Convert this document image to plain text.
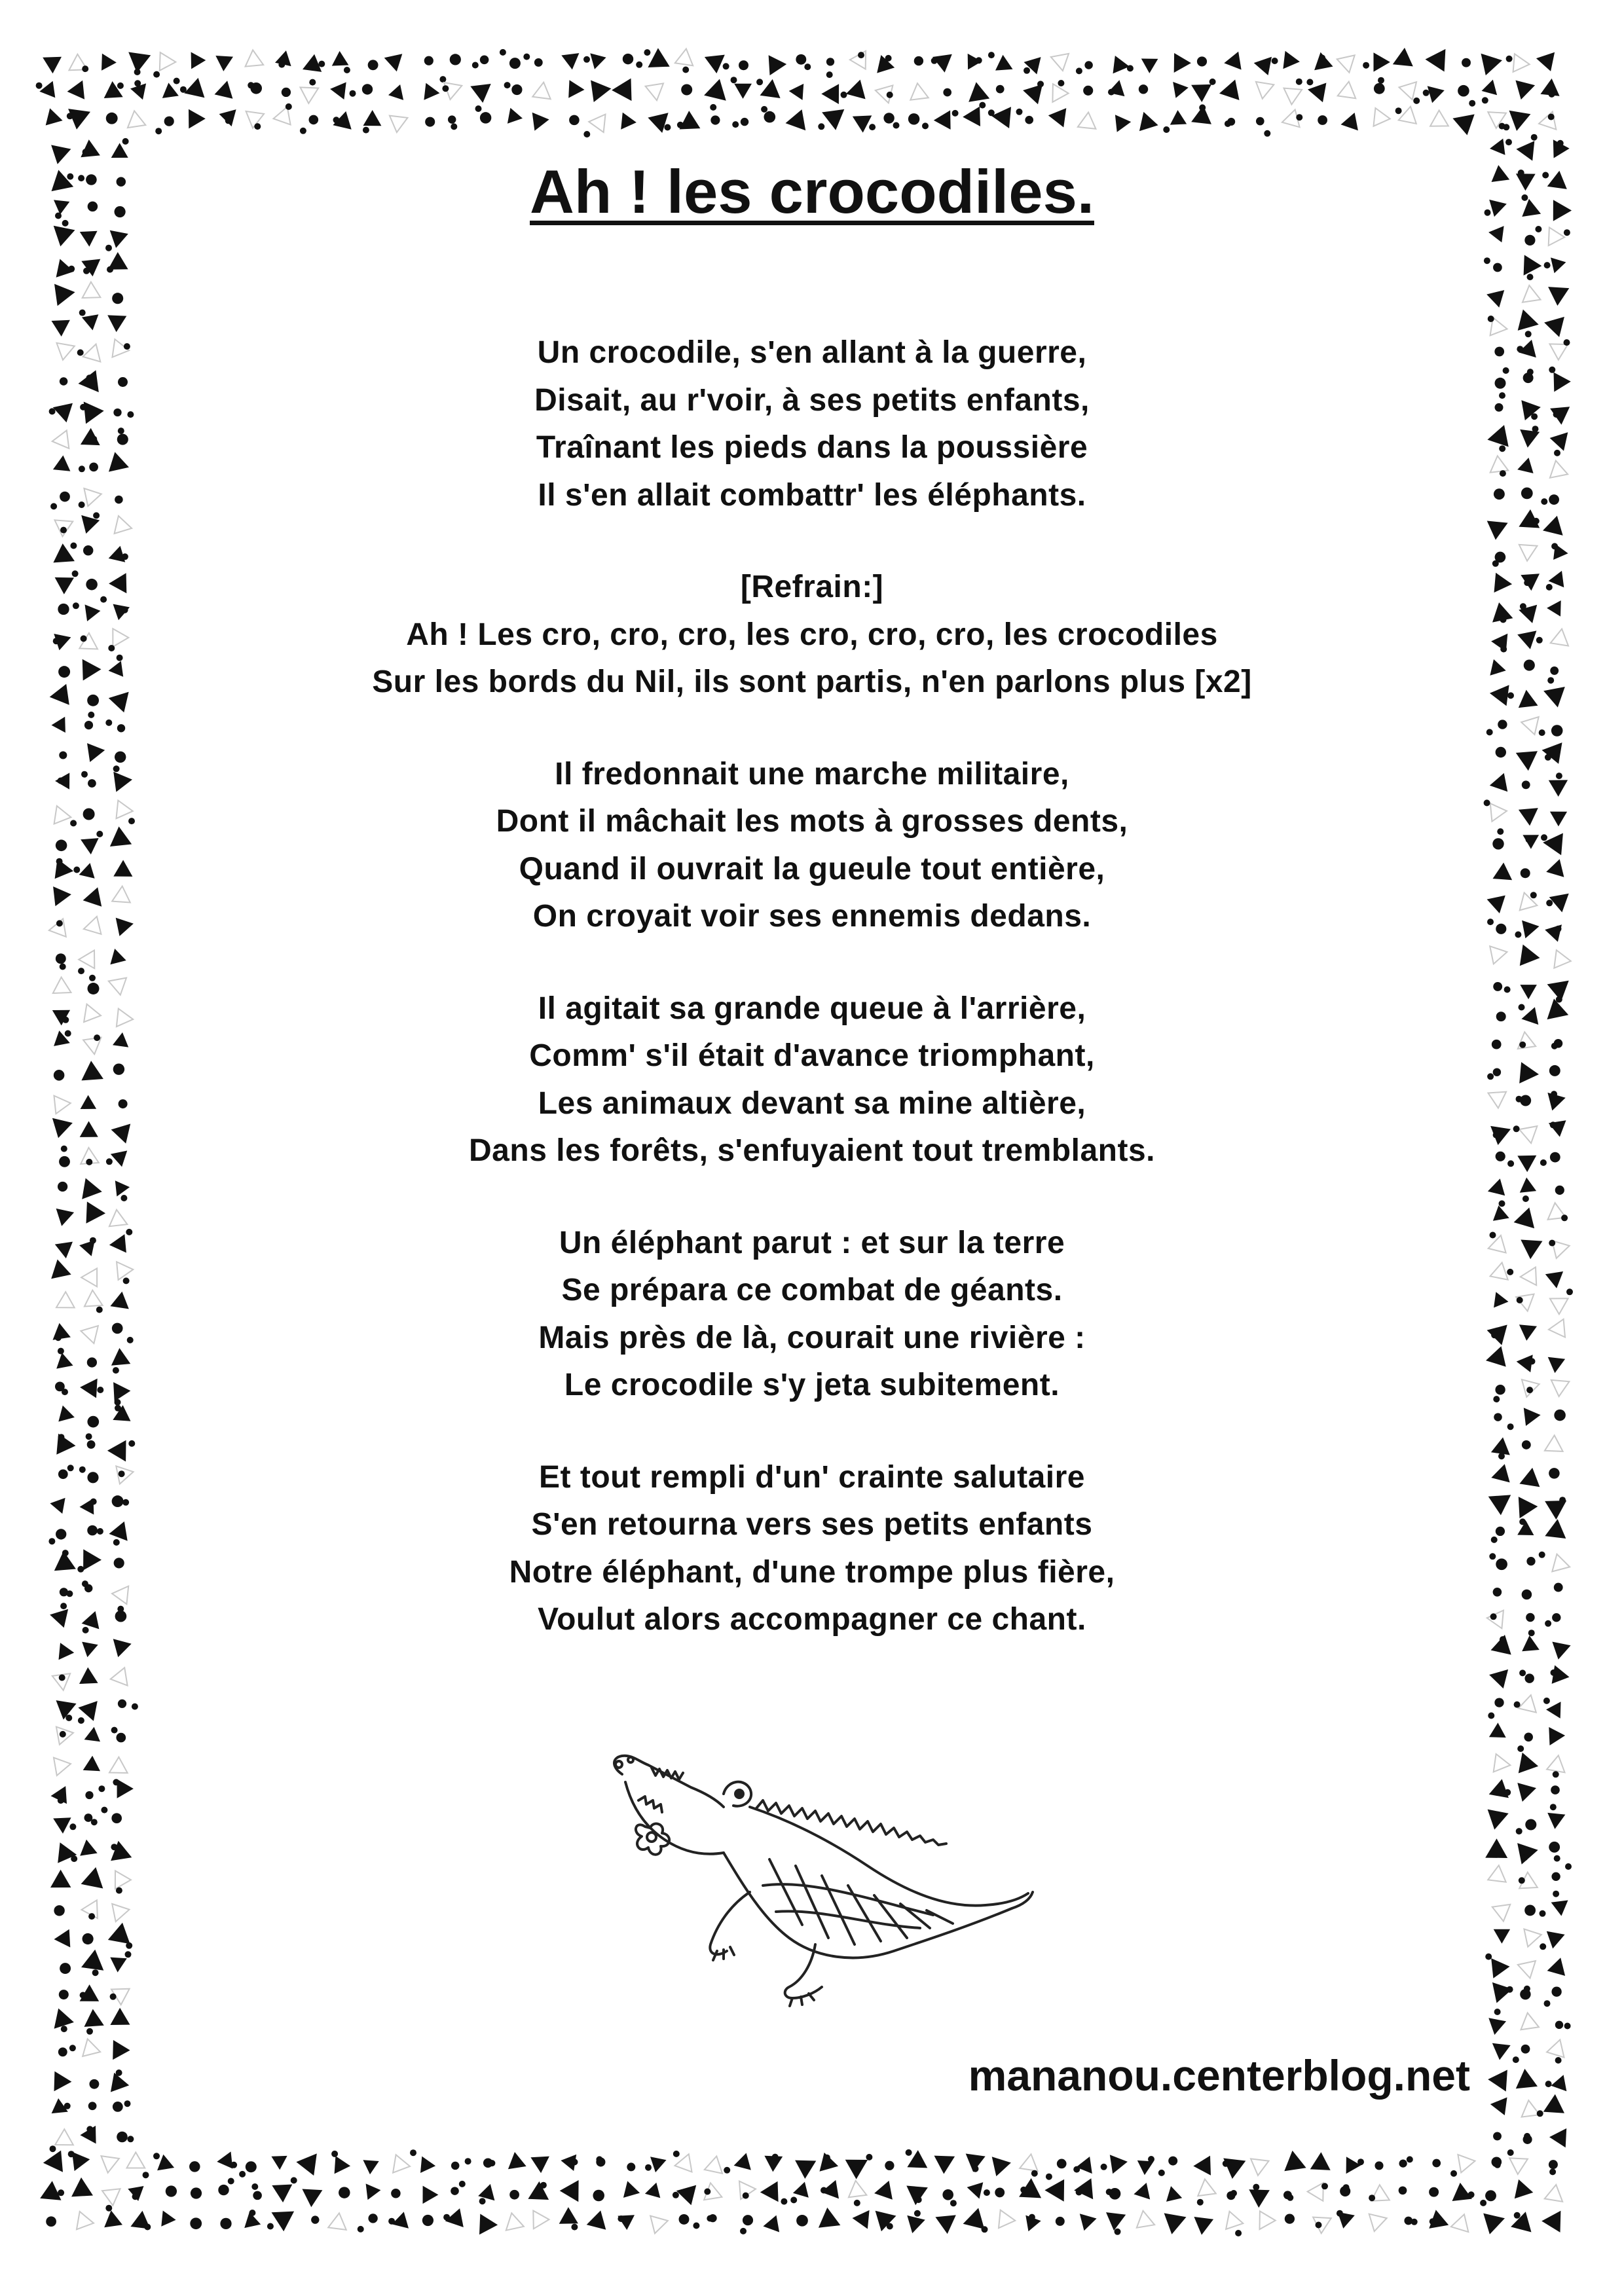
Ah ! les crocodiles.
Un crocodile, s'en allant à la guerre,
Disait, au r'voir, à ses petits enfants,
Traînant les pieds dans la poussière
Il s'en allait combattr' les éléphants.
[Refrain:]
Ah ! Les cro, cro, cro, les cro, cro, cro, les crocodiles
Sur les bords du Nil, ils sont partis, n'en parlons plus [x2]
Il fredonnait une marche militaire,
Dont il mâchait les mots à grosses dents,
Quand il ouvrait la gueule tout entière,
On croyait voir ses ennemis dedans.
Il agitait sa grande queue à l'arrière,
Comm' s'il était d'avance triomphant,
Les animaux devant sa mine altière,
Dans les forêts, s'enfuyaient tout tremblants.
Un éléphant parut : et sur la terre
Se prépara ce combat de géants.
Mais près de là, courait une rivière :
Le crocodile s'y jeta subitement.
Et tout rempli d'un' crainte salutaire
S'en retourna vers ses petits enfants
Notre éléphant, d'une trompe plus fière,
Voulut alors accompagner ce chant.
mananou.centerblog.net
